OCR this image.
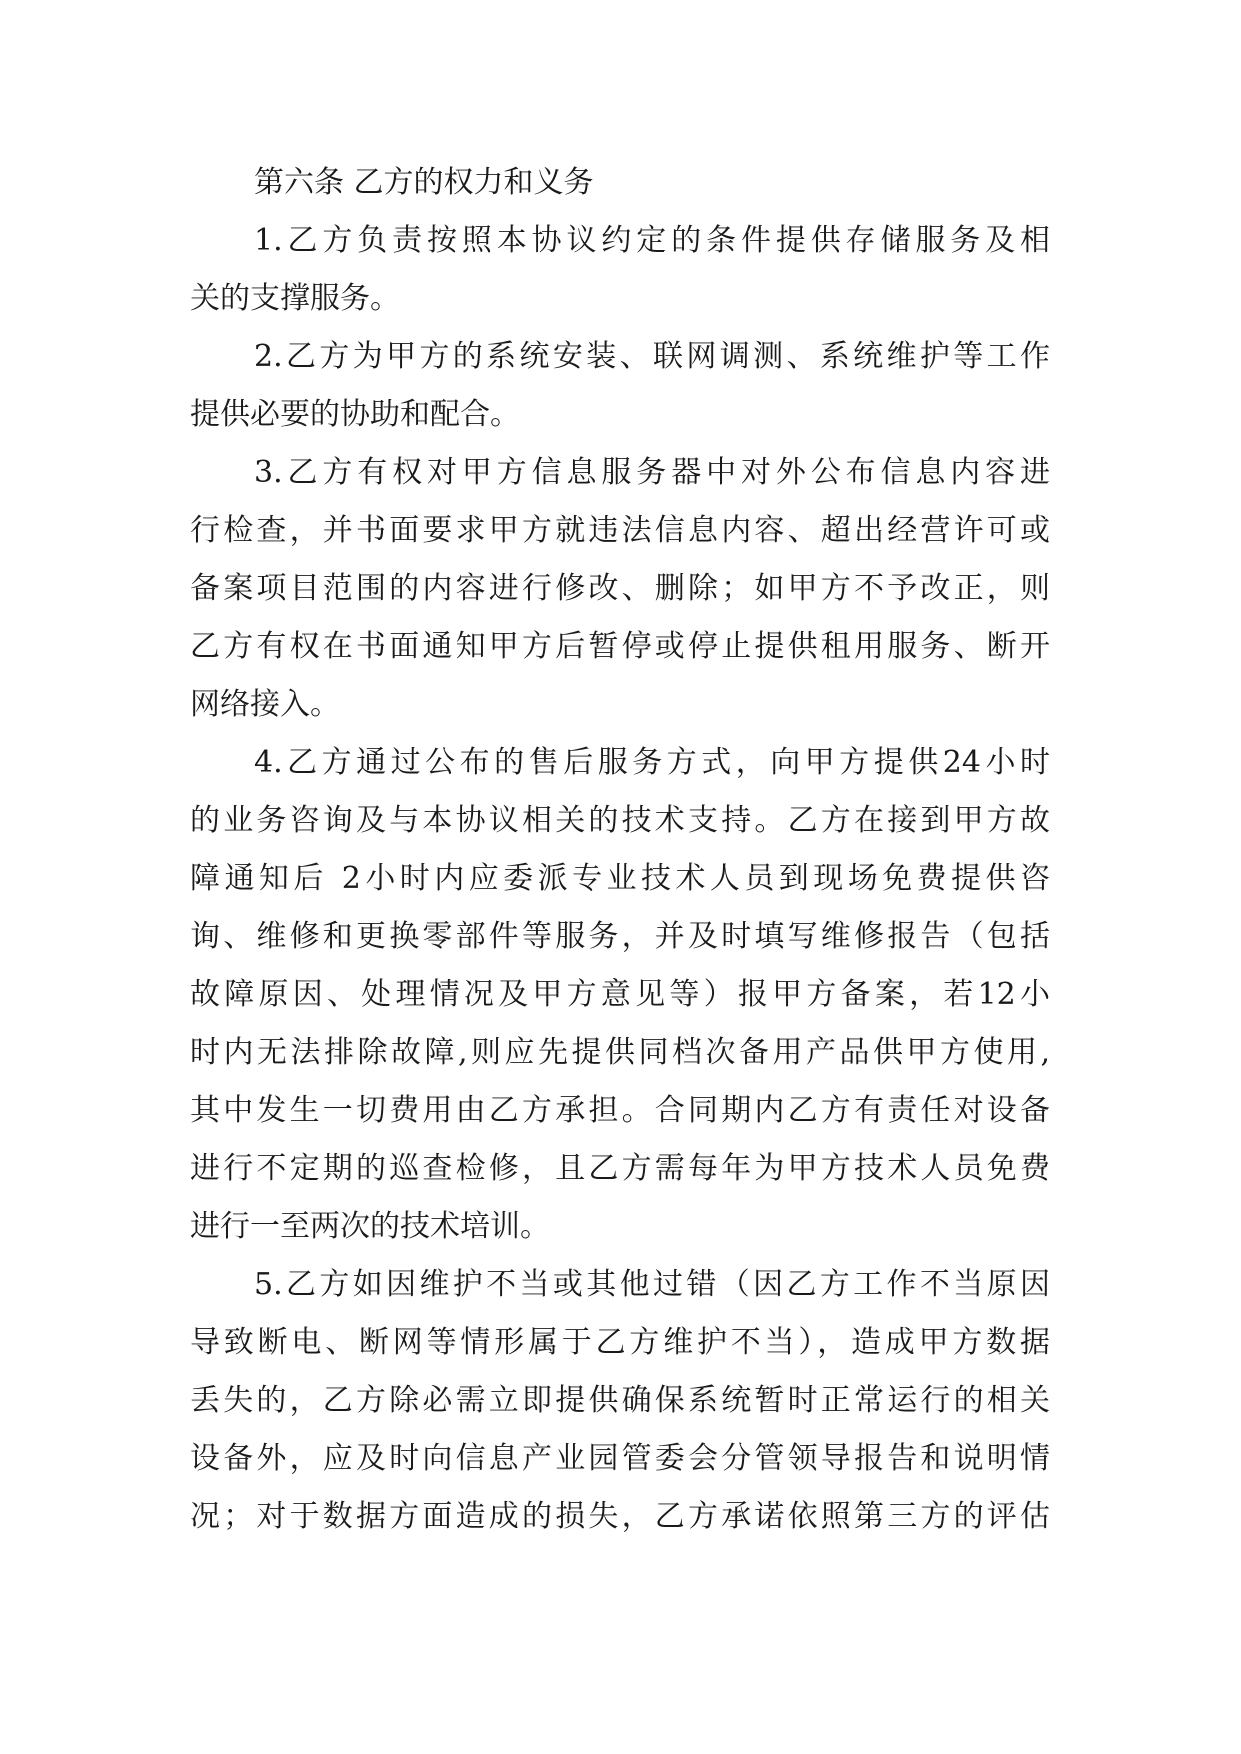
第六条 乙方的权力和义务
1.乙方负责按照本协议约定的条件提供存储服务及相
关的支撑服务。
2.乙方为甲方的系统安装、联网调测、系统维护等工作
提供必要的协助和配合。
3.乙方有权对甲方信息服务器中对外公布信息内容进
行检查，并书面要求甲方就违法信息内容、超出经营许可或
备案项目范围的内容进行修改、删除；如甲方不予改正，则
乙方有权在书面通知甲方后暂停或停止提供租用服务、断开
网络接入。
4.乙方通过公布的售后服务方式，向甲方提供24小时
的业务咨询及与本协议相关的技术支持。乙方在接到甲方故
障通知后 2小时内应委派专业技术人员到现场免费提供咨
询、维修和更换零部件等服务，并及时填写维修报告（包括
故障原因、处理情况及甲方意见等）报甲方备案，若12小
时内无法排除故障,则应先提供同档次备用产品供甲方使用,
其中发生一切费用由乙方承担。合同期内乙方有责任对设备
进行不定期的巡查检修，且乙方需每年为甲方技术人员免费
进行一至两次的技术培训。
5.乙方如因维护不当或其他过错（因乙方工作不当原因
导致断电、断网等情形属于乙方维护不当），造成甲方数据
丢失的，乙方除必需立即提供确保系统暂时正常运行的相关
设备外，应及时向信息产业园管委会分管领导报告和说明情
况；对于数据方面造成的损失，乙方承诺依照第三方的评估
